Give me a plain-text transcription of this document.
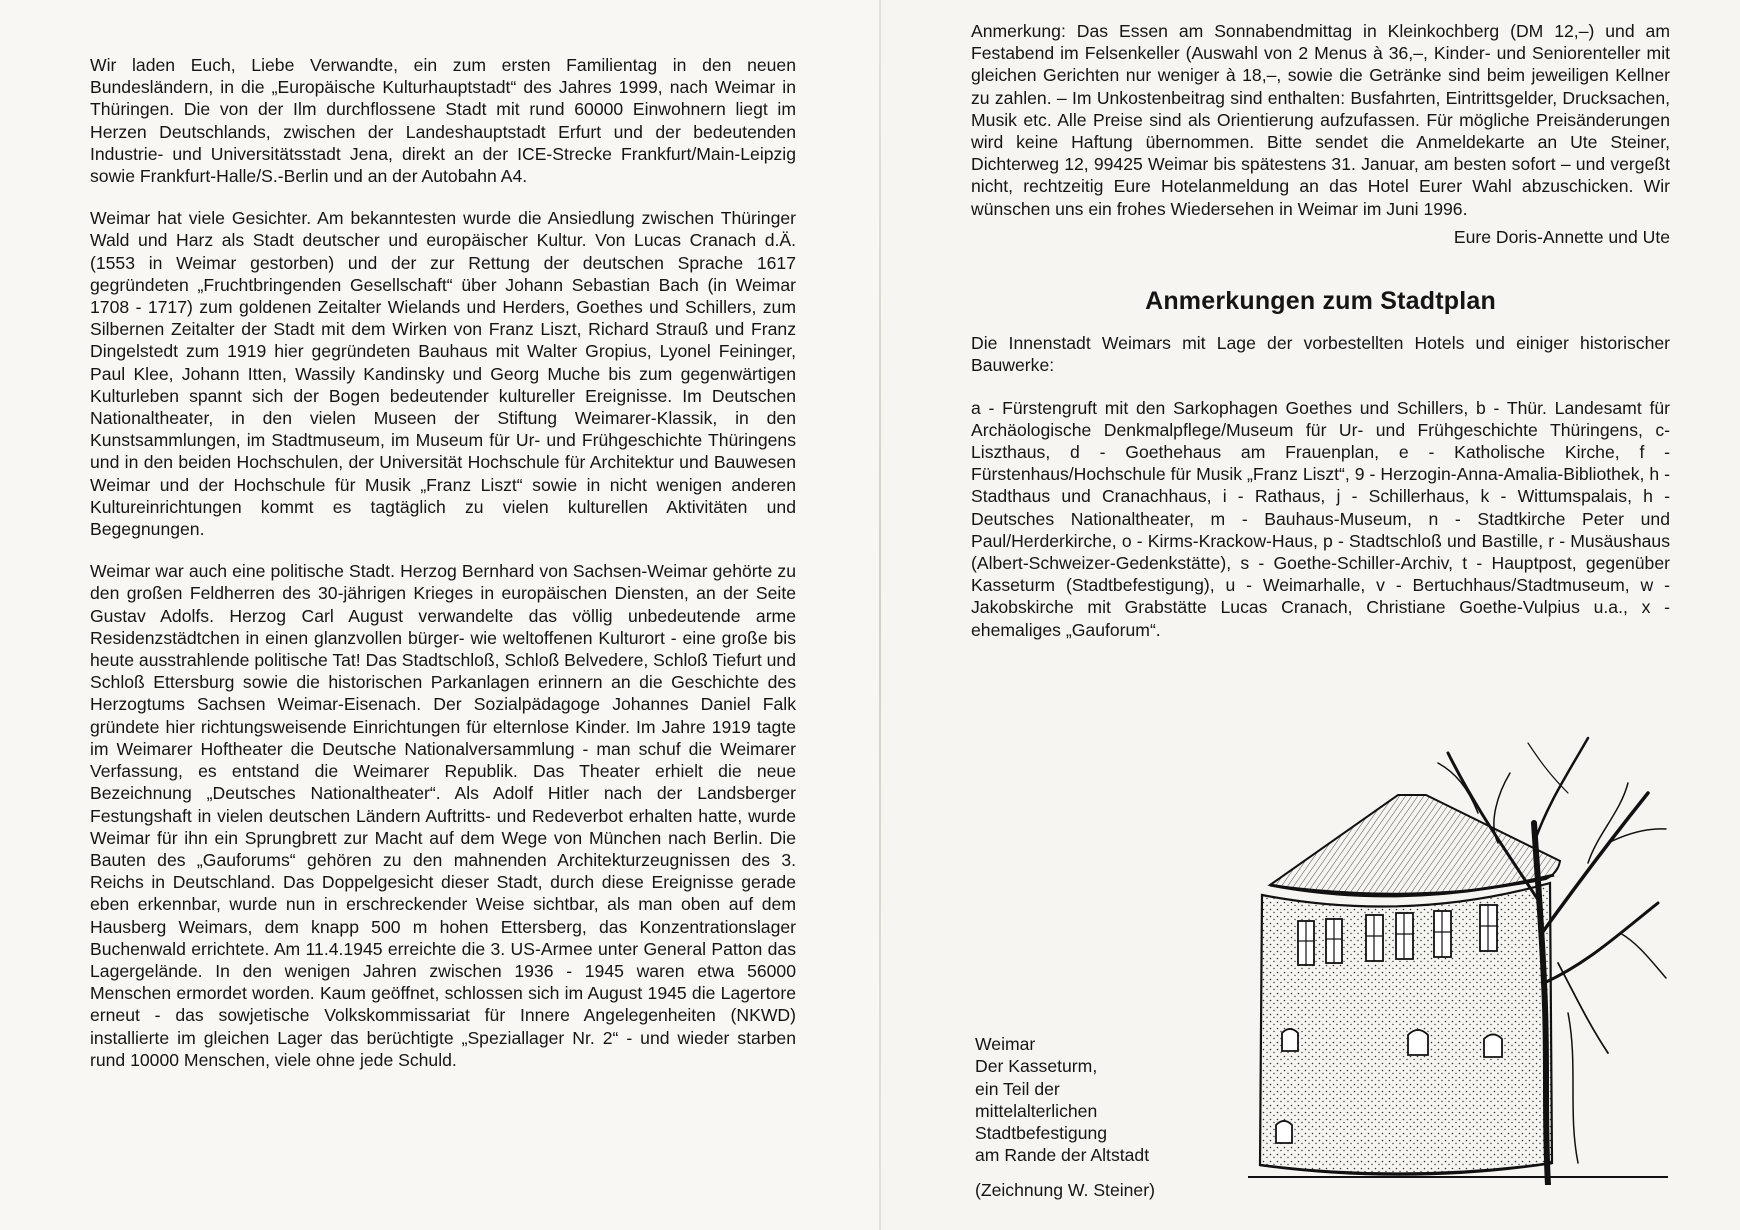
Wir laden Euch, Liebe Verwandte, ein zum ersten Familientag in den neuen Bundesländern, in die „Europäische Kulturhauptstadt“ des Jahres 1999, nach Weimar in Thüringen. Die von der Ilm durchflossene Stadt mit rund 60000 Einwohnern liegt im Herzen Deutschlands, zwischen der Landeshauptstadt Erfurt und der bedeutenden Industrie- und Universitätsstadt Jena, direkt an der ICE-Strecke Frankfurt/Main-Leipzig sowie Frankfurt-Halle/S.-Berlin und an der Autobahn A4.

Weimar hat viele Gesichter. Am bekanntesten wurde die Ansiedlung zwischen Thüringer Wald und Harz als Stadt deutscher und europäischer Kultur. Von Lucas Cranach d.Ä. (1553 in Weimar gestorben) und der zur Rettung der deutschen Sprache 1617 gegründeten „Fruchtbringenden Gesellschaft“ über Johann Sebastian Bach (in Weimar 1708 - 1717) zum goldenen Zeitalter Wielands und Herders, Goethes und Schillers, zum Silbernen Zeitalter der Stadt mit dem Wirken von Franz Liszt, Richard Strauß und Franz Dingelstedt zum 1919 hier gegründeten Bauhaus mit Walter Gropius, Lyonel Feininger, Paul Klee, Johann Itten, Wassily Kandinsky und Georg Muche bis zum gegenwärtigen Kulturleben spannt sich der Bogen bedeutender kultureller Ereignisse. Im Deutschen Nationaltheater, in den vielen Museen der Stiftung Weimarer-Klassik, in den Kunstsammlungen, im Stadtmuseum, im Museum für Ur- und Frühgeschichte Thüringens und in den beiden Hochschulen, der Universität Hochschule für Architektur und Bauwesen Weimar und der Hochschule für Musik „Franz Liszt“ sowie in nicht wenigen anderen Kultureinrichtungen kommt es tagtäglich zu vielen kulturellen Aktivitäten und Begegnungen.

Weimar war auch eine politische Stadt. Herzog Bernhard von Sachsen-Weimar gehörte zu den großen Feldherren des 30-jährigen Krieges in europäischen Diensten, an der Seite Gustav Adolfs. Herzog Carl August verwandelte das völlig unbedeutende arme Residenzstädtchen in einen glanzvollen bürger- wie weltoffenen Kulturort - eine große bis heute ausstrahlende politische Tat! Das Stadtschloß, Schloß Belvedere, Schloß Tiefurt und Schloß Ettersburg sowie die historischen Parkanlagen erinnern an die Geschichte des Herzogtums Sachsen Weimar-Eisenach. Der Sozialpädagoge Johannes Daniel Falk gründete hier richtungsweisende Einrichtungen für elternlose Kinder. Im Jahre 1919 tagte im Weimarer Hoftheater die Deutsche Nationalversammlung - man schuf die Weimarer Verfassung, es entstand die Weimarer Republik. Das Theater erhielt die neue Bezeichnung „Deutsches Nationaltheater“. Als Adolf Hitler nach der Landsberger Festungshaft in vielen deutschen Ländern Auftritts- und Redeverbot erhalten hatte, wurde Weimar für ihn ein Sprungbrett zur Macht auf dem Wege von München nach Berlin. Die Bauten des „Gauforums“ gehören zu den mahnenden Architekturzeugnissen des 3. Reichs in Deutschland. Das Doppelgesicht dieser Stadt, durch diese Ereignisse gerade eben erkennbar, wurde nun in erschreckender Weise sichtbar, als man oben auf dem Hausberg Weimars, dem knapp 500 m hohen Ettersberg, das Konzentrationslager Buchenwald errichtete. Am 11.4.1945 erreichte die 3. US-Armee unter General Patton das Lagergelände. In den wenigen Jahren zwischen 1936 - 1945 waren etwa 56000 Menschen ermordet worden. Kaum geöffnet, schlossen sich im August 1945 die Lagertore erneut - das sowjetische Volkskommissariat für Innere Angelegenheiten (NKWD) installierte im gleichen Lager das berüchtigte „Speziallager Nr. 2“ - und wieder starben rund 10000 Menschen, viele ohne jede Schuld.

Anmerkung: Das Essen am Sonnabendmittag in Kleinkochberg (DM 12,–) und am Festabend im Felsenkeller (Auswahl von 2 Menus à 36,–, Kinder- und Seniorenteller mit gleichen Gerichten nur weniger à 18,–, sowie die Getränke sind beim jeweiligen Kellner zu zahlen. – Im Unkostenbeitrag sind enthalten: Busfahrten, Eintrittsgelder, Drucksachen, Musik etc. Alle Preise sind als Orientierung aufzufassen. Für mögliche Preisänderungen wird keine Haftung übernommen. Bitte sendet die Anmeldekarte an Ute Steiner, Dichterweg 12, 99425 Weimar bis spätestens 31. Januar, am besten sofort – und vergeßt nicht, rechtzeitig Eure Hotelanmeldung an das Hotel Eurer Wahl abzuschicken. Wir wünschen uns ein frohes Wiedersehen in Weimar im Juni 1996.

Eure Doris-Annette und Ute
Anmerkungen zum Stadtplan

Die Innenstadt Weimars mit Lage der vorbestellten Hotels und einiger historischer Bauwerke:

a - Fürstengruft mit den Sarkophagen Goethes und Schillers, b - Thür. Landesamt für Archäologische Denkmalpflege/Museum für Ur- und Frühgeschichte Thüringens, c- Liszthaus, d - Goethehaus am Frauenplan, e - Katholische Kirche, f - Fürstenhaus/Hochschule für Musik „Franz Liszt“, 9 - Herzogin-Anna-Amalia-Bibliothek, h - Stadthaus und Cranachhaus, i - Rathaus, j - Schillerhaus, k - Wittumspalais, h - Deutsches Nationaltheater, m - Bauhaus-Museum, n - Stadtkirche Peter und Paul/Herderkirche, o - Kirms-Krackow-Haus, p - Stadtschloß und Bastille, r - Musäushaus (Albert-Schweizer-Gedenkstätte), s - Goethe-Schiller-Archiv, t - Hauptpost, gegenüber Kasseturm (Stadtbefestigung), u - Weimarhalle, v - Bertuchhaus/Stadtmuseum, w - Jakobskirche mit Grabstätte Lucas Cranach, Christiane Goethe-Vulpius u.a., x - ehemaliges „Gauforum“.

Weimar
Der Kasseturm,
ein Teil der
mittelalterlichen
Stadtbefestigung
am Rande der Altstadt
(Zeichnung W. Steiner)
